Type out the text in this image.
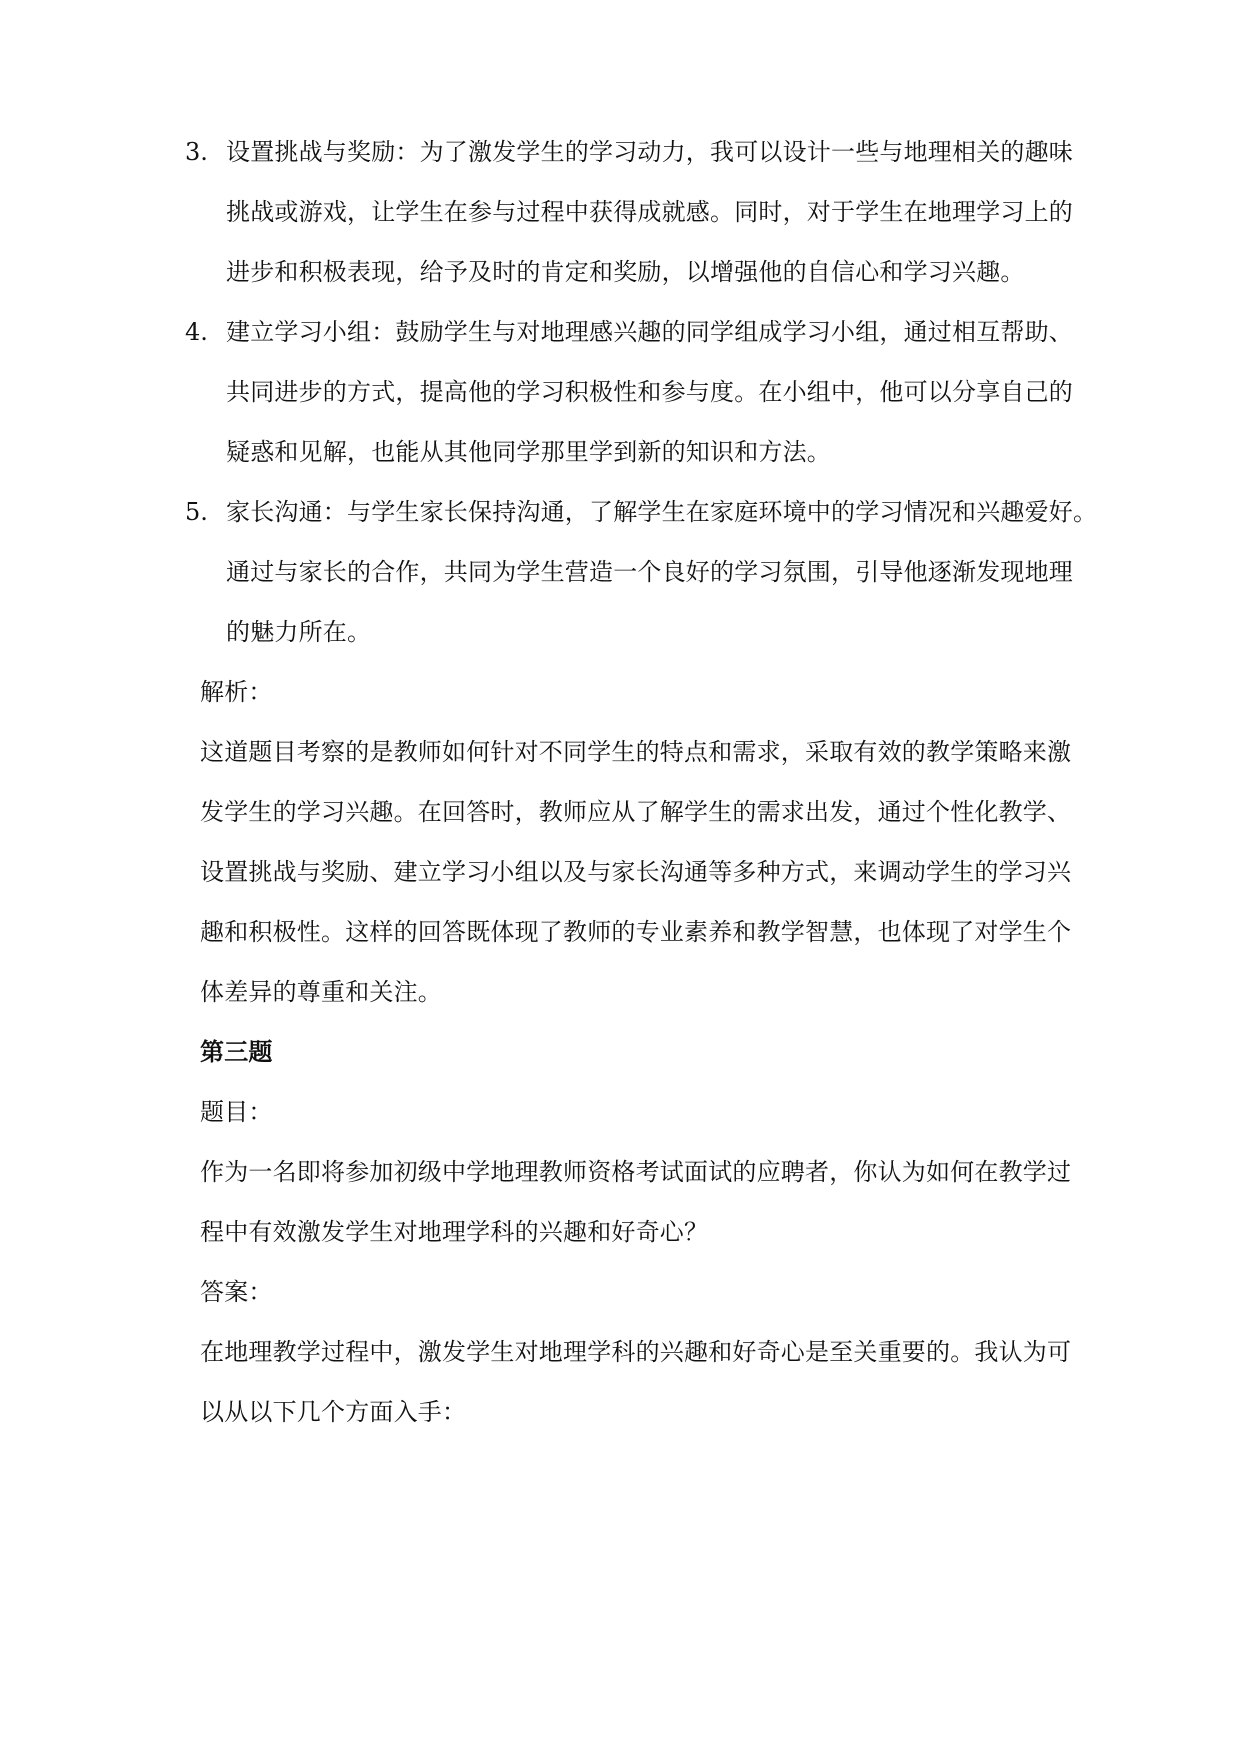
3. 设置挑战与奖励：为了激发学生的学习动力，我可以设计一些与地理相关的趣味
挑战或游戏，让学生在参与过程中获得成就感。同时，对于学生在地理学习上的
进步和积极表现，给予及时的肯定和奖励，以增强他的自信心和学习兴趣。
4. 建立学习小组：鼓励学生与对地理感兴趣的同学组成学习小组，通过相互帮助、
共同进步的方式，提高他的学习积极性和参与度。在小组中，他可以分享自己的
疑惑和见解，也能从其他同学那里学到新的知识和方法。
5. 家长沟通：与学生家长保持沟通，了解学生在家庭环境中的学习情况和兴趣爱好。
通过与家长的合作，共同为学生营造一个良好的学习氛围，引导他逐渐发现地理
的魅力所在。
解析：
这道题目考察的是教师如何针对不同学生的特点和需求，采取有效的教学策略来激
发学生的学习兴趣。在回答时，教师应从了解学生的需求出发，通过个性化教学、
设置挑战与奖励、建立学习小组以及与家长沟通等多种方式，来调动学生的学习兴
趣和积极性。这样的回答既体现了教师的专业素养和教学智慧，也体现了对学生个
体差异的尊重和关注。
第三题
题目：
作为一名即将参加初级中学地理教师资格考试面试的应聘者，你认为如何在教学过
程中有效激发学生对地理学科的兴趣和好奇心？
答案：
在地理教学过程中，激发学生对地理学科的兴趣和好奇心是至关重要的。我认为可
以从以下几个方面入手：
